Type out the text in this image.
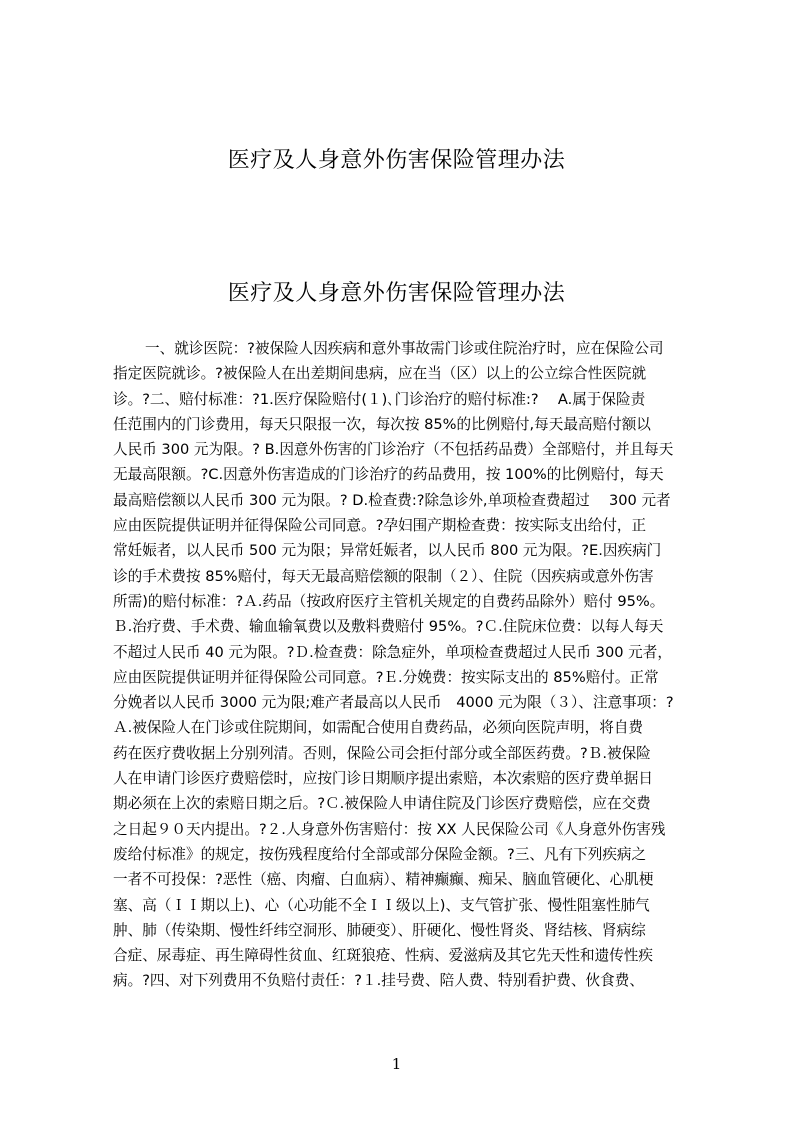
医疗及人身意外伤害保险管理办法
医疗及人身意外伤害保险管理办法
一、就诊医院：?被保险人因疾病和意外事故需门诊或住院治疗时，应在保险公司
指定医院就诊。?被保险人在出差期间患病，应在当（区）以上的公立综合性医院就
诊。?二、赔付标准：?1.医疗保险赔付(１)､门诊治疗的赔付标准:?　 A.属于保险责
任范围内的门诊费用，每天只限报一次，每次按 85%的比例赔付,每天最高赔付额以
人民币 300 元为限。? B.因意外伤害的门诊治疗（不包括药品费）全部赔付，并且每天
无最高限额。?C.因意外伤害造成的门诊治疗的药品费用，按 100%的比例赔付，每天
最高赔偿额以人民币 300 元为限。? D.检查费:?除急诊外,单项检查费超过　 300 元者
应由医院提供证明并征得保险公司同意。?孕妇围产期检查费：按实际支出给付，正
常妊娠者，以人民币 500 元为限；异常妊娠者，以人民币 800 元为限。?E.因疾病门
诊的手术费按 85%赔付，每天无最高赔偿额的限制（２）、住院（因疾病或意外伤害
所需)的赔付标准：?Ａ.药品（按政府医疗主管机关规定的自费药品除外）赔付 95%。
Ｂ.治疗费、手术费、输血输氧费以及敷料费赔付 95%。?Ｃ.住院床位费：以每人每天
不超过人民币 40 元为限。?Ｄ.检查费：除急症外，单项检查费超过人民币 300 元者，
应由医院提供证明并征得保险公司同意。?Ｅ.分娩费：按实际支出的 85%赔付。正常
分娩者以人民币 3000 元为限;难产者最高以人民币　4000 元为限（３）、注意事项：?
Ａ.被保险人在门诊或住院期间，如需配合使用自费药品，必须向医院声明，将自费
药在医疗费收据上分别列清。否则，保险公司会拒付部分或全部医药费。?Ｂ.被保险
人在申请门诊医疗费赔偿时，应按门诊日期顺序提出索赔，本次索赔的医疗费单据日
期必须在上次的索赔日期之后。?Ｃ.被保险人申请住院及门诊医疗费赔偿，应在交费
之日起９０天内提出。?２.人身意外伤害赔付：按 XX 人民保险公司《人身意外伤害残
废给付标准》的规定，按伤残程度给付全部或部分保险金额。?三、凡有下列疾病之
一者不可投保：?恶性（癌、肉瘤、白血病）、精神癫癫、痴呆、脑血管硬化、心肌梗
塞、高（ＩＩ期以上)、心（心功能不全ＩＩ级以上)、支气管扩张、慢性阻塞性肺气
肿、肺（传染期、慢性纤纬空洞形、肺硬变）、肝硬化、慢性肾炎、肾结核、肾病综
合症、尿毒症、再生障碍性贫血、红斑狼疮、性病、爱滋病及其它先天性和遗传性疾
病。?四、对下列费用不负赔付责任：?１.挂号费、陪人费、特别看护费、伙食费、
1
